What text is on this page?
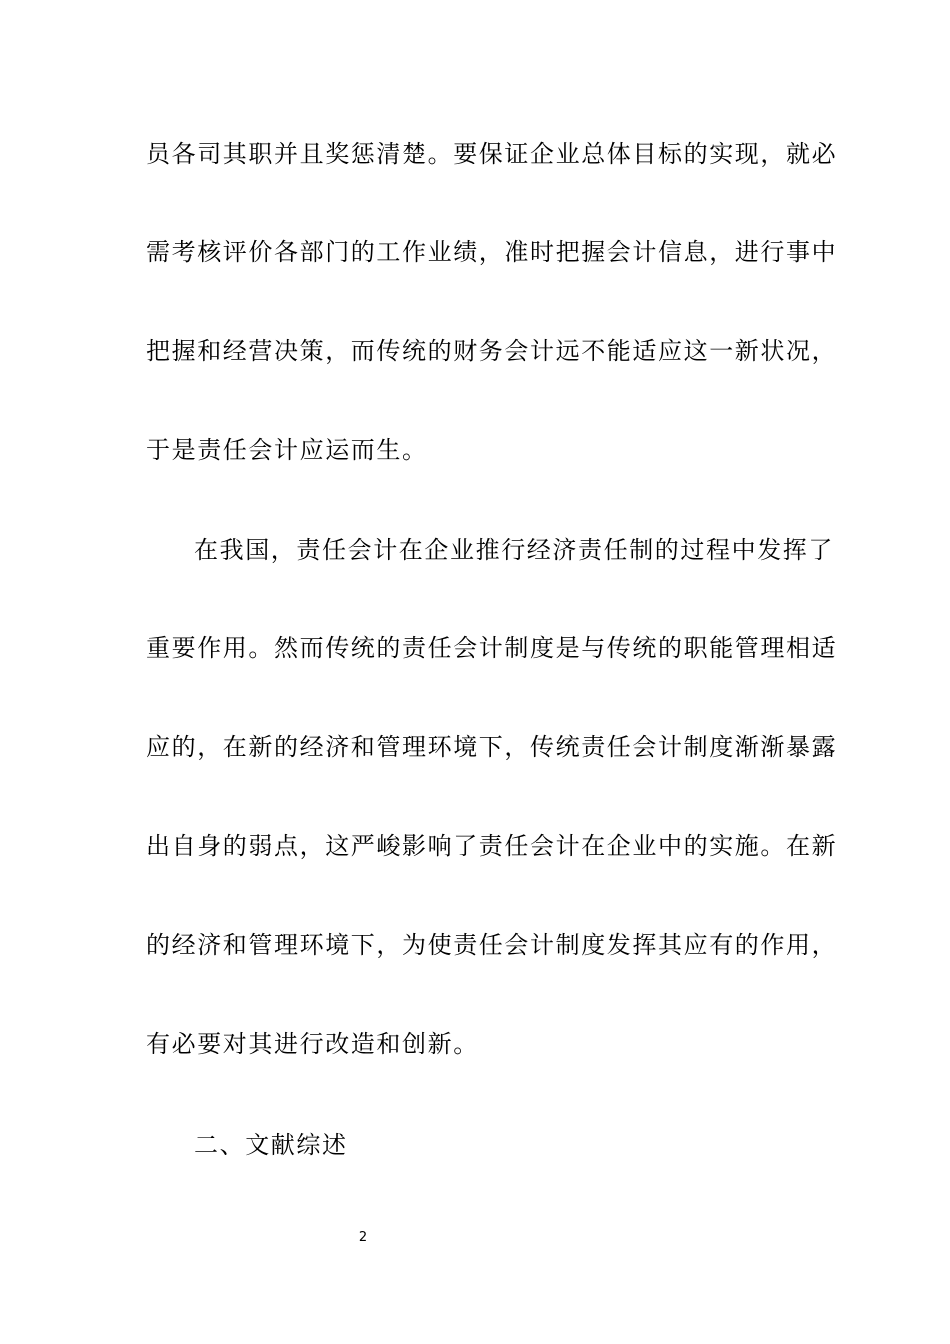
员各司其职并且奖惩清楚。要保证企业总体目标的实现，就必
需考核评价各部门的工作业绩，准时把握会计信息，进行事中
把握和经营决策，而传统的财务会计远不能适应这一新状况，
于是责任会计应运而生。
在我国，责任会计在企业推行经济责任制的过程中发挥了
重要作用。然而传统的责任会计制度是与传统的职能管理相适
应的，在新的经济和管理环境下，传统责任会计制度渐渐暴露
出自身的弱点，这严峻影响了责任会计在企业中的实施。在新
的经济和管理环境下，为使责任会计制度发挥其应有的作用，
有必要对其进行改造和创新。
二、文献综述
2
